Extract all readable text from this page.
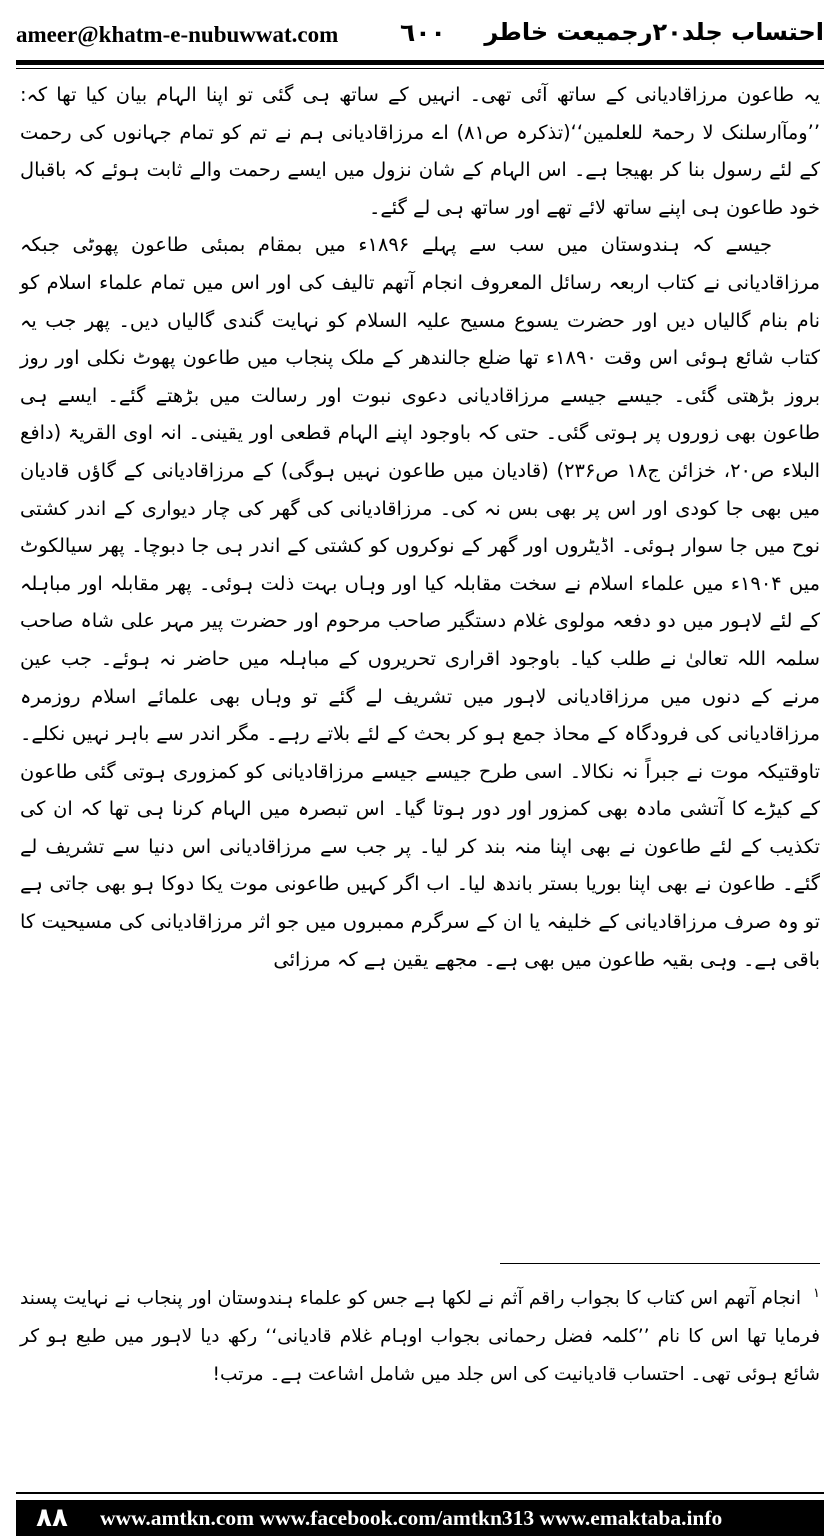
ameer@khatm-e-nubuwwat.com ٦٠٠ احتساب جلد۲۰رجمیعت خاطر

یہ طاعون مرزاقادیانی کے ساتھ آئی تھی۔ انہیں کے ساتھ ہی گئی تو اپنا الہام بیان کیا تھا کہ: ’’ومآارسلنک لا رحمۃ للعلمین‘‘(تذکرہ ص۸۱) اے مرزاقادیانی ہم نے تم کو تمام جہانوں کی رحمت کے لئے رسول بنا کر بھیجا ہے۔ اس الہام کے شان نزول میں ایسے رحمت والے ثابت ہوئے کہ باقبال خود طاعون ہی اپنے ساتھ لائے تھے اور ساتھ ہی لے گئے۔

جیسے کہ ہندوستان میں سب سے پہلے ۱۸۹۶ء میں بمقام بمبئی طاعون پھوٹی جبکہ مرزاقادیانی نے کتاب اربعہ رسائل المعروف انجام آتھم تالیف کی اور اس میں تمام علماء اسلام کو نام بنام گالیاں دیں اور حضرت یسوع مسیح علیہ السلام کو نہایت گندی گالیاں دیں۔ پھر جب یہ کتاب شائع ہوئی اس وقت ۱۸۹۰ء تھا ضلع جالندھر کے ملک پنجاب میں طاعون پھوٹ نکلی اور روز بروز بڑھتی گئی۔ جیسے جیسے مرزاقادیانی دعوی نبوت اور رسالت میں بڑھتے گئے۔ ایسے ہی طاعون بھی زوروں پر ہوتی گئی۔ حتی کہ باوجود اپنے الہام قطعی اور یقینی۔ انہ اوی القریۃ (دافع البلاء ص۲۰، خزائن ج۱۸ ص۲۳۶) (قادیان میں طاعون نہیں ہوگی) کے مرزاقادیانی کے گاؤں قادیان میں بھی جا کودی اور اس پر بھی بس نہ کی۔ مرزاقادیانی کی گھر کی چار دیواری کے اندر کشتی نوح میں جا سوار ہوئی۔ اڈیٹروں اور گھر کے نوکروں کو کشتی کے اندر ہی جا دبوچا۔ پھر سیالکوٹ میں ۱۹۰۴ء میں علماء اسلام نے سخت مقابلہ کیا اور وہاں بہت ذلت ہوئی۔ پھر مقابلہ اور مباہلہ کے لئے لاہور میں دو دفعہ مولوی غلام دستگیر صاحب مرحوم اور حضرت پیر مہر علی شاہ صاحب سلمہ اللہ تعالیٰ نے طلب کیا۔ باوجود اقراری تحریروں کے مباہلہ میں حاضر نہ ہوئے۔ جب عین مرنے کے دنوں میں مرزاقادیانی لاہور میں تشریف لے گئے تو وہاں بھی علمائے اسلام روزمرہ مرزاقادیانی کی فرودگاہ کے محاذ جمع ہو کر بحث کے لئے بلاتے رہے۔ مگر اندر سے باہر نہیں نکلے۔ تاوقتیکہ موت نے جبراً نہ نکالا۔ اسی طرح جیسے جیسے مرزاقادیانی کو کمزوری ہوتی گئی طاعون کے کیڑے کا آتشی مادہ بھی کمزور اور دور ہوتا گیا۔ اس تبصرہ میں الہام کرنا ہی تھا کہ ان کی تکذیب کے لئے طاعون نے بھی اپنا منہ بند کر لیا۔ پر جب سے مرزاقادیانی اس دنیا سے تشریف لے گئے۔ طاعون نے بھی اپنا بوریا بستر باندھ لیا۔ اب اگر کہیں طاعونی موت یکا دوکا ہو بھی جاتی ہے تو وہ صرف مرزاقادیانی کے خلیفہ یا ان کے سرگرم ممبروں میں جو اثر مرزاقادیانی کی مسیحیت کا باقی ہے۔ وہی بقیہ طاعون میں بھی ہے۔ مجھے یقین ہے کہ مرزائی

$^۱$انجام آتھم اس کتاب کا بجواب راقم آثم نے لکھا ہے جس کو علماء ہندوستان اور پنجاب نے نہایت پسند فرمایا تھا اس کا نام ’’کلمہ فضل رحمانی بجواب اوہام غلام قادیانی‘‘ رکھ دیا لاہور میں طبع ہو کر شائع ہوئی تھی۔ احتساب قادیانیت کی اس جلد میں شامل اشاعت ہے۔ مرتب!
۸۸	www.amtkn.com www.facebook.com/amtkn313 www.emaktaba.info
